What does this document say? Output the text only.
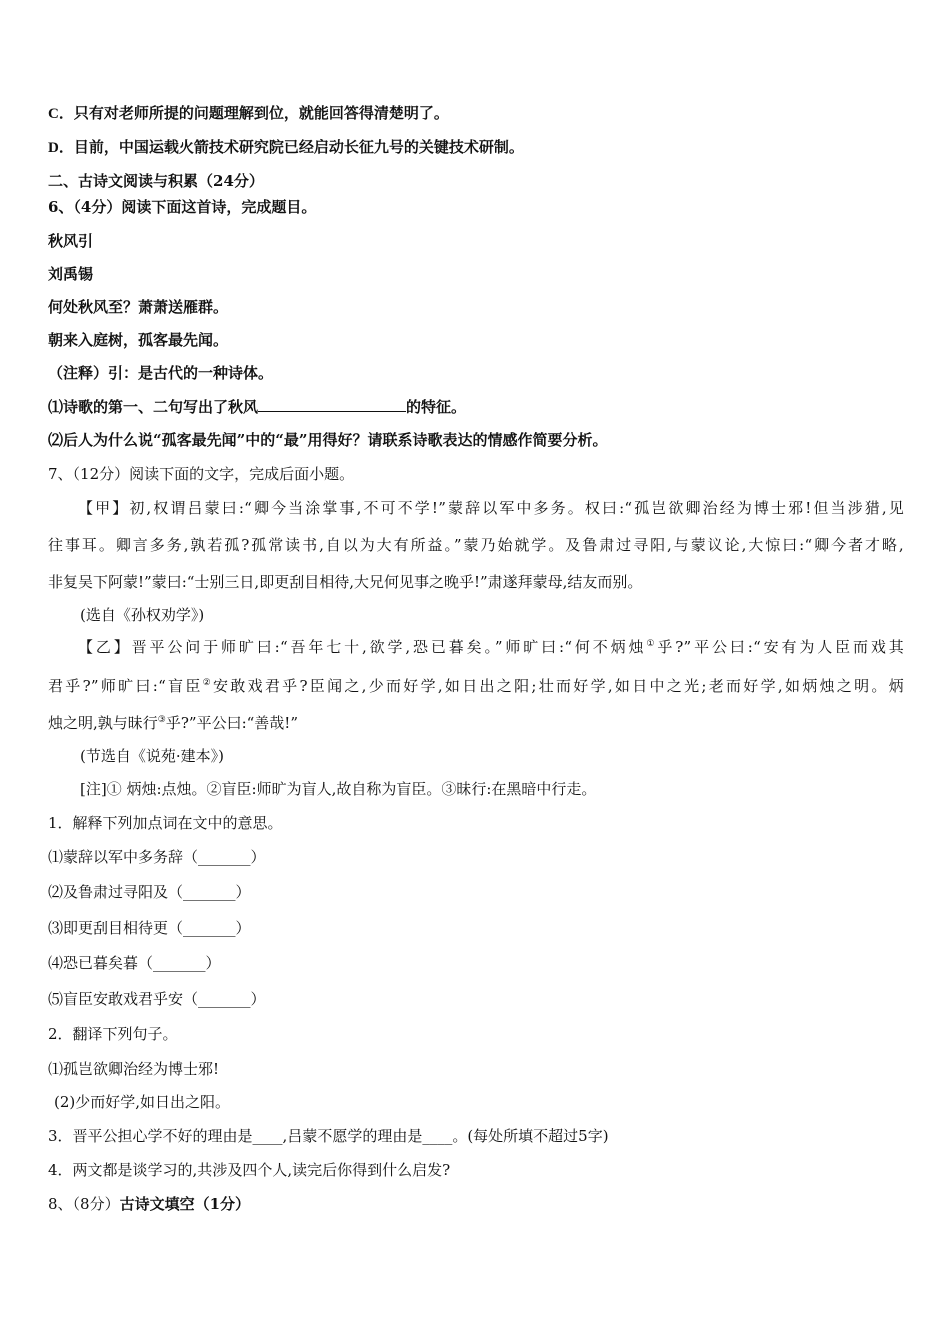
C．只有对老师所提的问题理解到位，就能回答得清楚明了。
D．目前，中国运载火箭技术研究院已经启动长征九号的关键技术研制。
二、古诗文阅读与积累（24分）
6、（4分）阅读下面这首诗，完成题目。
秋风引
刘禹锡
何处秋风至？萧萧送雁群。
朝来入庭树，孤客最先闻。
（注释）引：是古代的一种诗体。
⑴诗歌的第一、二句写出了秋风	的特征。
⑵后人为什么说“孤客最先闻”中的“最”用得好？请联系诗歌表达的情感作简要分析。
7、（12分）阅读下面的文字，完成后面小题。
【甲】初,权谓吕蒙曰:“卿今当涂掌事,不可不学!”蒙辞以军中多务。权曰:“孤岂欲卿治经为博士邪!但当涉猎,见
往事耳。卿言多务,孰若孤?孤常读书,自以为大有所益。”蒙乃始就学。及鲁肃过寻阳,与蒙议论,大惊曰:“卿今者才略,
非复吴下阿蒙!”蒙曰:“士别三日,即更刮目相待,大兄何见事之晚乎!”肃遂拜蒙母,结友而别。
(选自《孙权劝学》)
【乙】晋平公问于师旷曰:“吾年七十,欲学,恐已暮矣。”师旷曰:“何不炳烛①乎?”平公曰:“安有为人臣而戏其
君乎?”师旷曰:“盲臣②安敢戏君乎?臣闻之,少而好学,如日出之阳;壮而好学,如日中之光;老而好学,如炳烛之明。炳
烛之明,孰与昧行③乎?”平公曰:“善哉!”
(节选自《说苑·建本》)
[注]① 炳烛:点烛。②盲臣:师旷为盲人,故自称为盲臣。③昧行:在黑暗中行走。
1．解释下列加点词在文中的意思。
⑴蒙辞以军中多务辞（_______）
⑵及鲁肃过寻阳及（_______）
⑶即更刮目相待更（_______）
⑷恐已暮矣暮（_______）
⑸盲臣安敢戏君乎安（_______）
2．翻译下列句子。
⑴孤岂欲卿治经为博士邪!
(2)少而好学,如日出之阳。
3．晋平公担心学不好的理由是____,吕蒙不愿学的理由是____。(每处所填不超过5字)
4．两文都是谈学习的,共涉及四个人,读完后你得到什么启发?
8、（8分）古诗文填空（1分）
